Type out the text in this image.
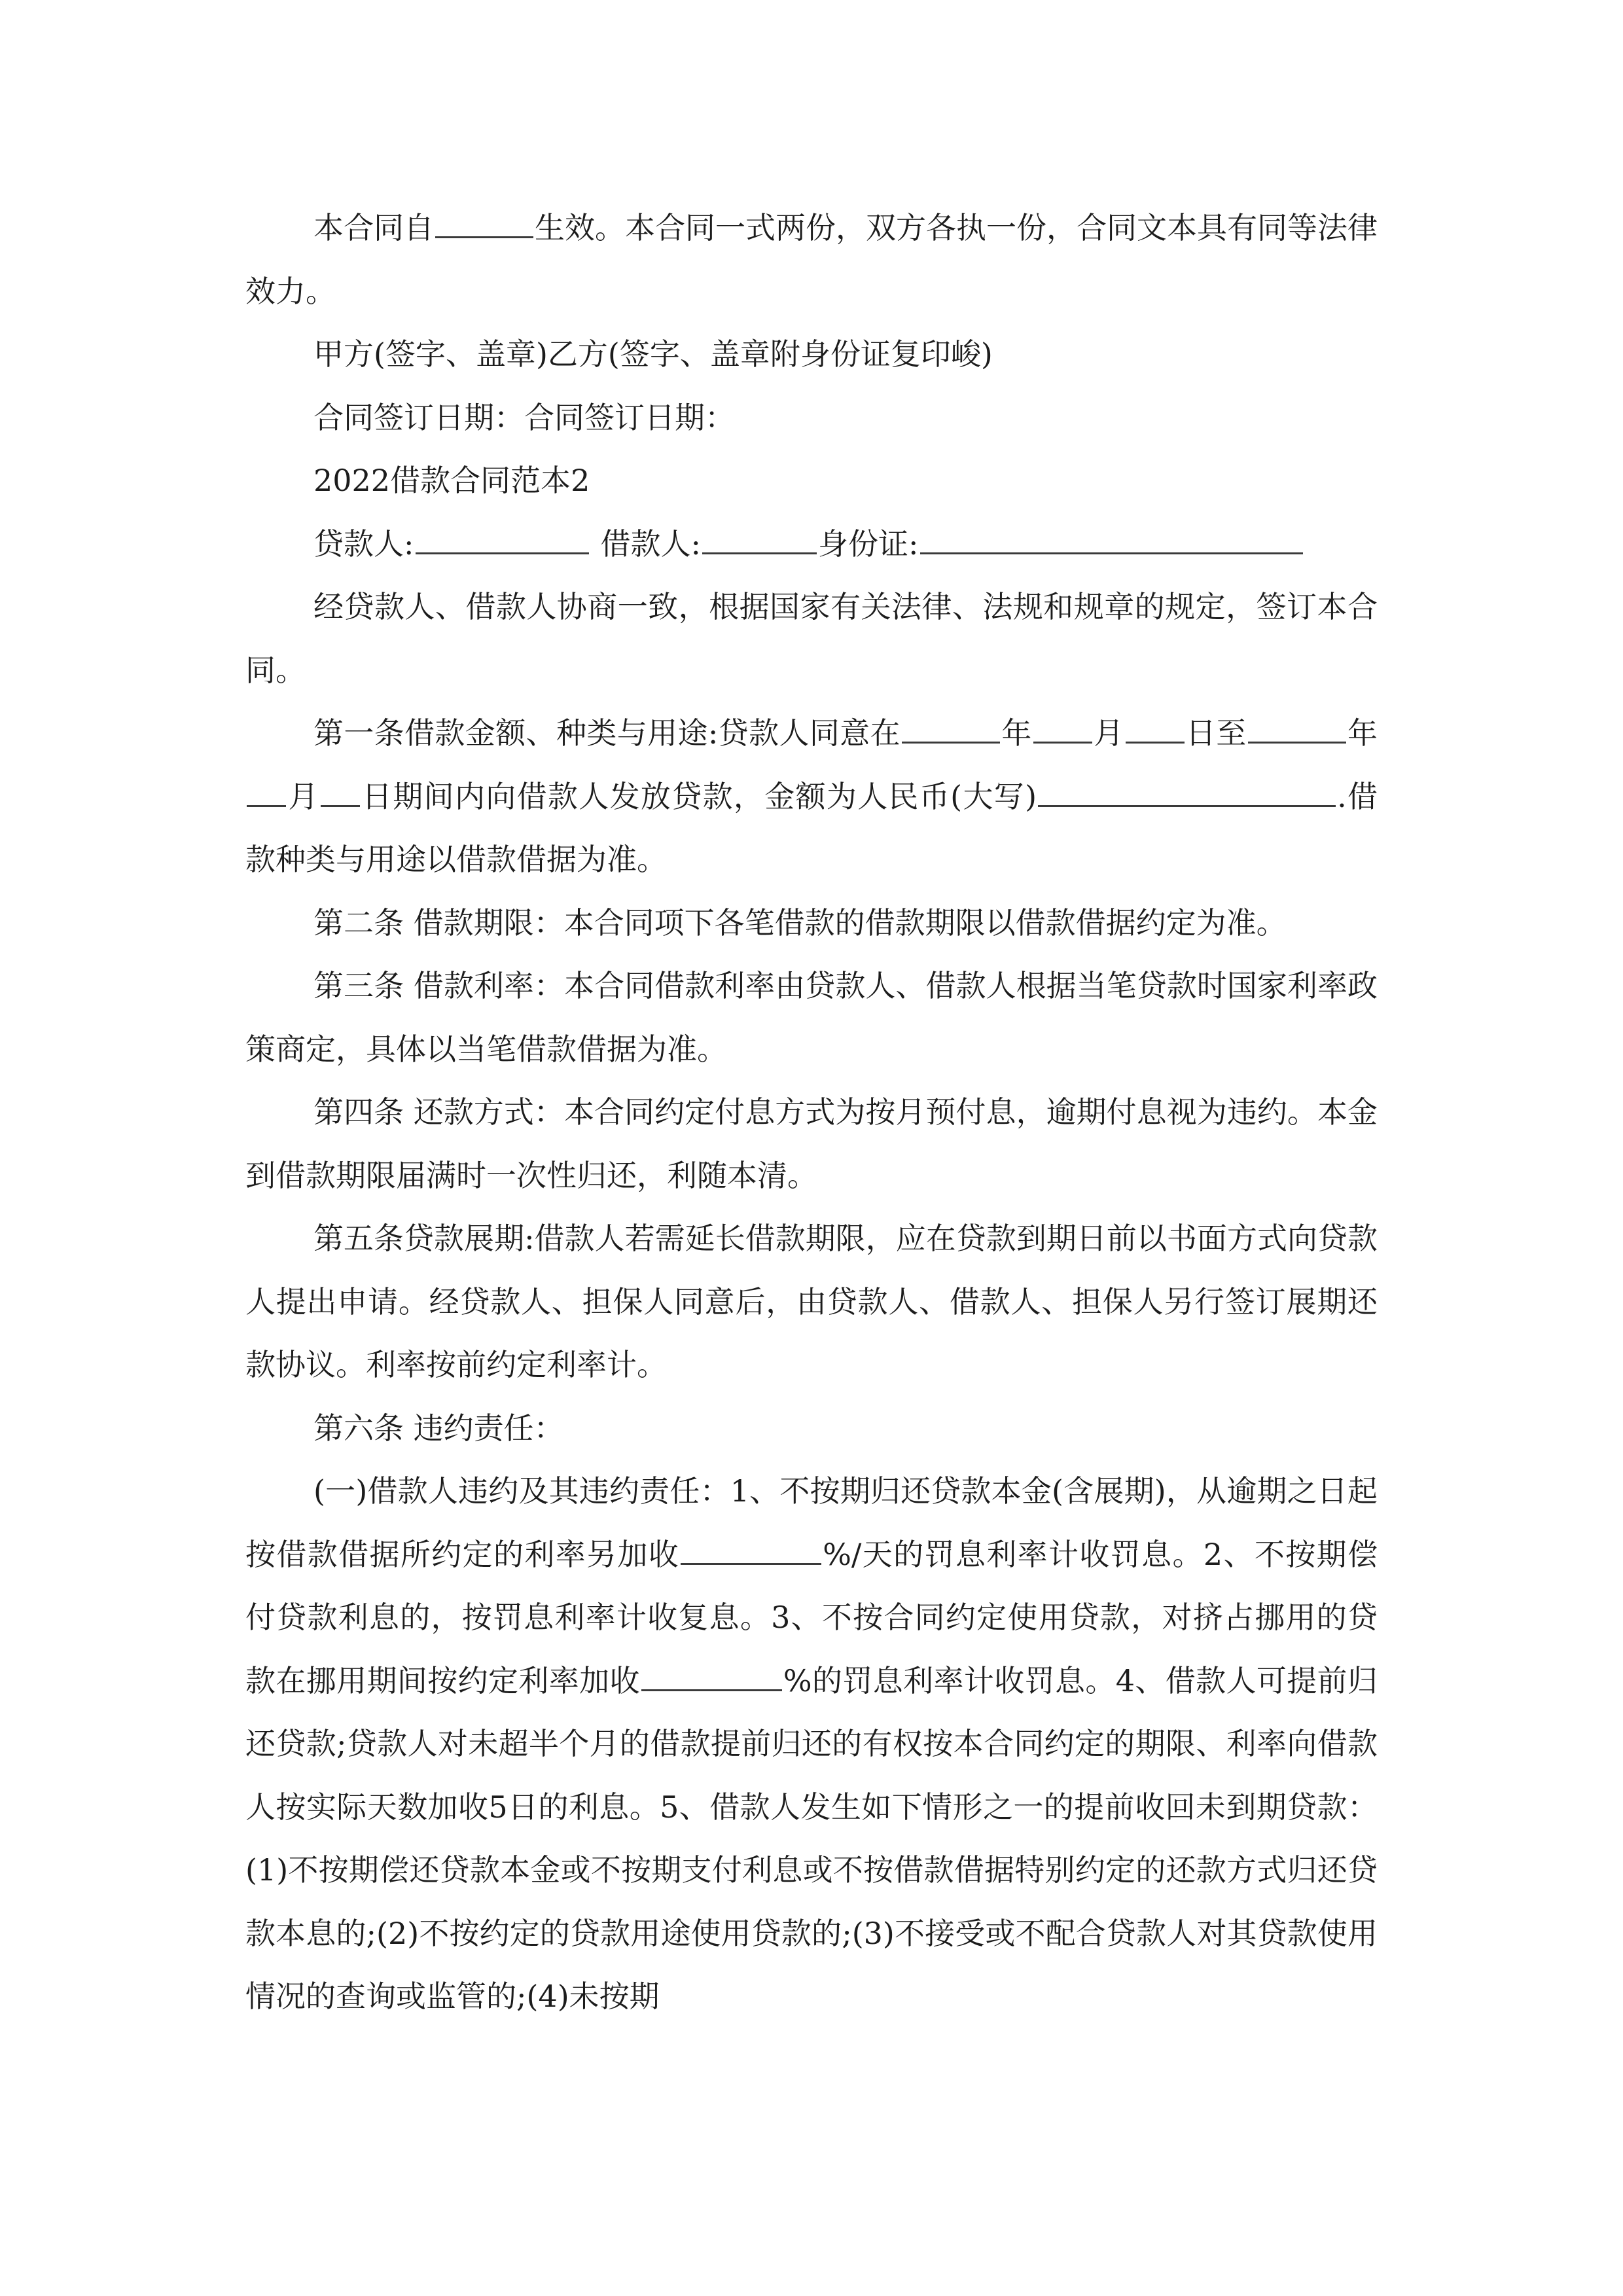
本合同自	生效。本合同一式两份，双方各执一份，合同文本具有同等法律效力。

甲方(签字、盖章)乙方(签字、盖章附身份证复印峻)

合同签订日期：合同签订日期：

2022借款合同范本2

贷款人:	借款人:	身份证:

经贷款人、借款人协商一致，根据国家有关法律、法规和规章的规定，签订本合同。

第一条借款金额、种类与用途:贷款人同意在	年 月 日至	年月 日期间内向借款人发放贷款，金额为人民币(大写)	.借款种类与用途以借款借据为准。

第二条 借款期限：本合同项下各笔借款的借款期限以借款借据约定为准。

第三条 借款利率：本合同借款利率由贷款人、借款人根据当笔贷款时国家利率政策商定，具体以当笔借款借据为准。

第四条 还款方式：本合同约定付息方式为按月预付息，逾期付息视为违约。本金到借款期限届满时一次性归还，利随本清。

第五条贷款展期:借款人若需延长借款期限，应在贷款到期日前以书面方式向贷款人提出申请。经贷款人、担保人同意后，由贷款人、借款人、担保人另行签订展期还款协议。利率按前约定利率计。

第六条 违约责任：

(一)借款人违约及其违约责任：1、不按期归还贷款本金(含展期)，从逾期之日起按借款借据所约定的利率另加收	%/天的罚息利率计收罚息。2、不按期偿付贷款利息的，按罚息利率计收复息。3、不按合同约定使用贷款，对挤占挪用的贷款在挪用期间按约定利率加收	%的罚息利率计收罚息。4、借款人可提前归还贷款;贷款人对未超半个月的借款提前归还的有权按本合同约定的期限、利率向借款人按实际天数加收5日的利息。5、借款人发生如下情形之一的提前收回未到期贷款：(1)不按期偿还贷款本金或不按期支付利息或不按借款借据特别约定的还款方式归还贷款本息的;(2)不按约定的贷款用途使用贷款的;(3)不接受或不配合贷款人对其贷款使用情况的查询或监管的;(4)未按期
